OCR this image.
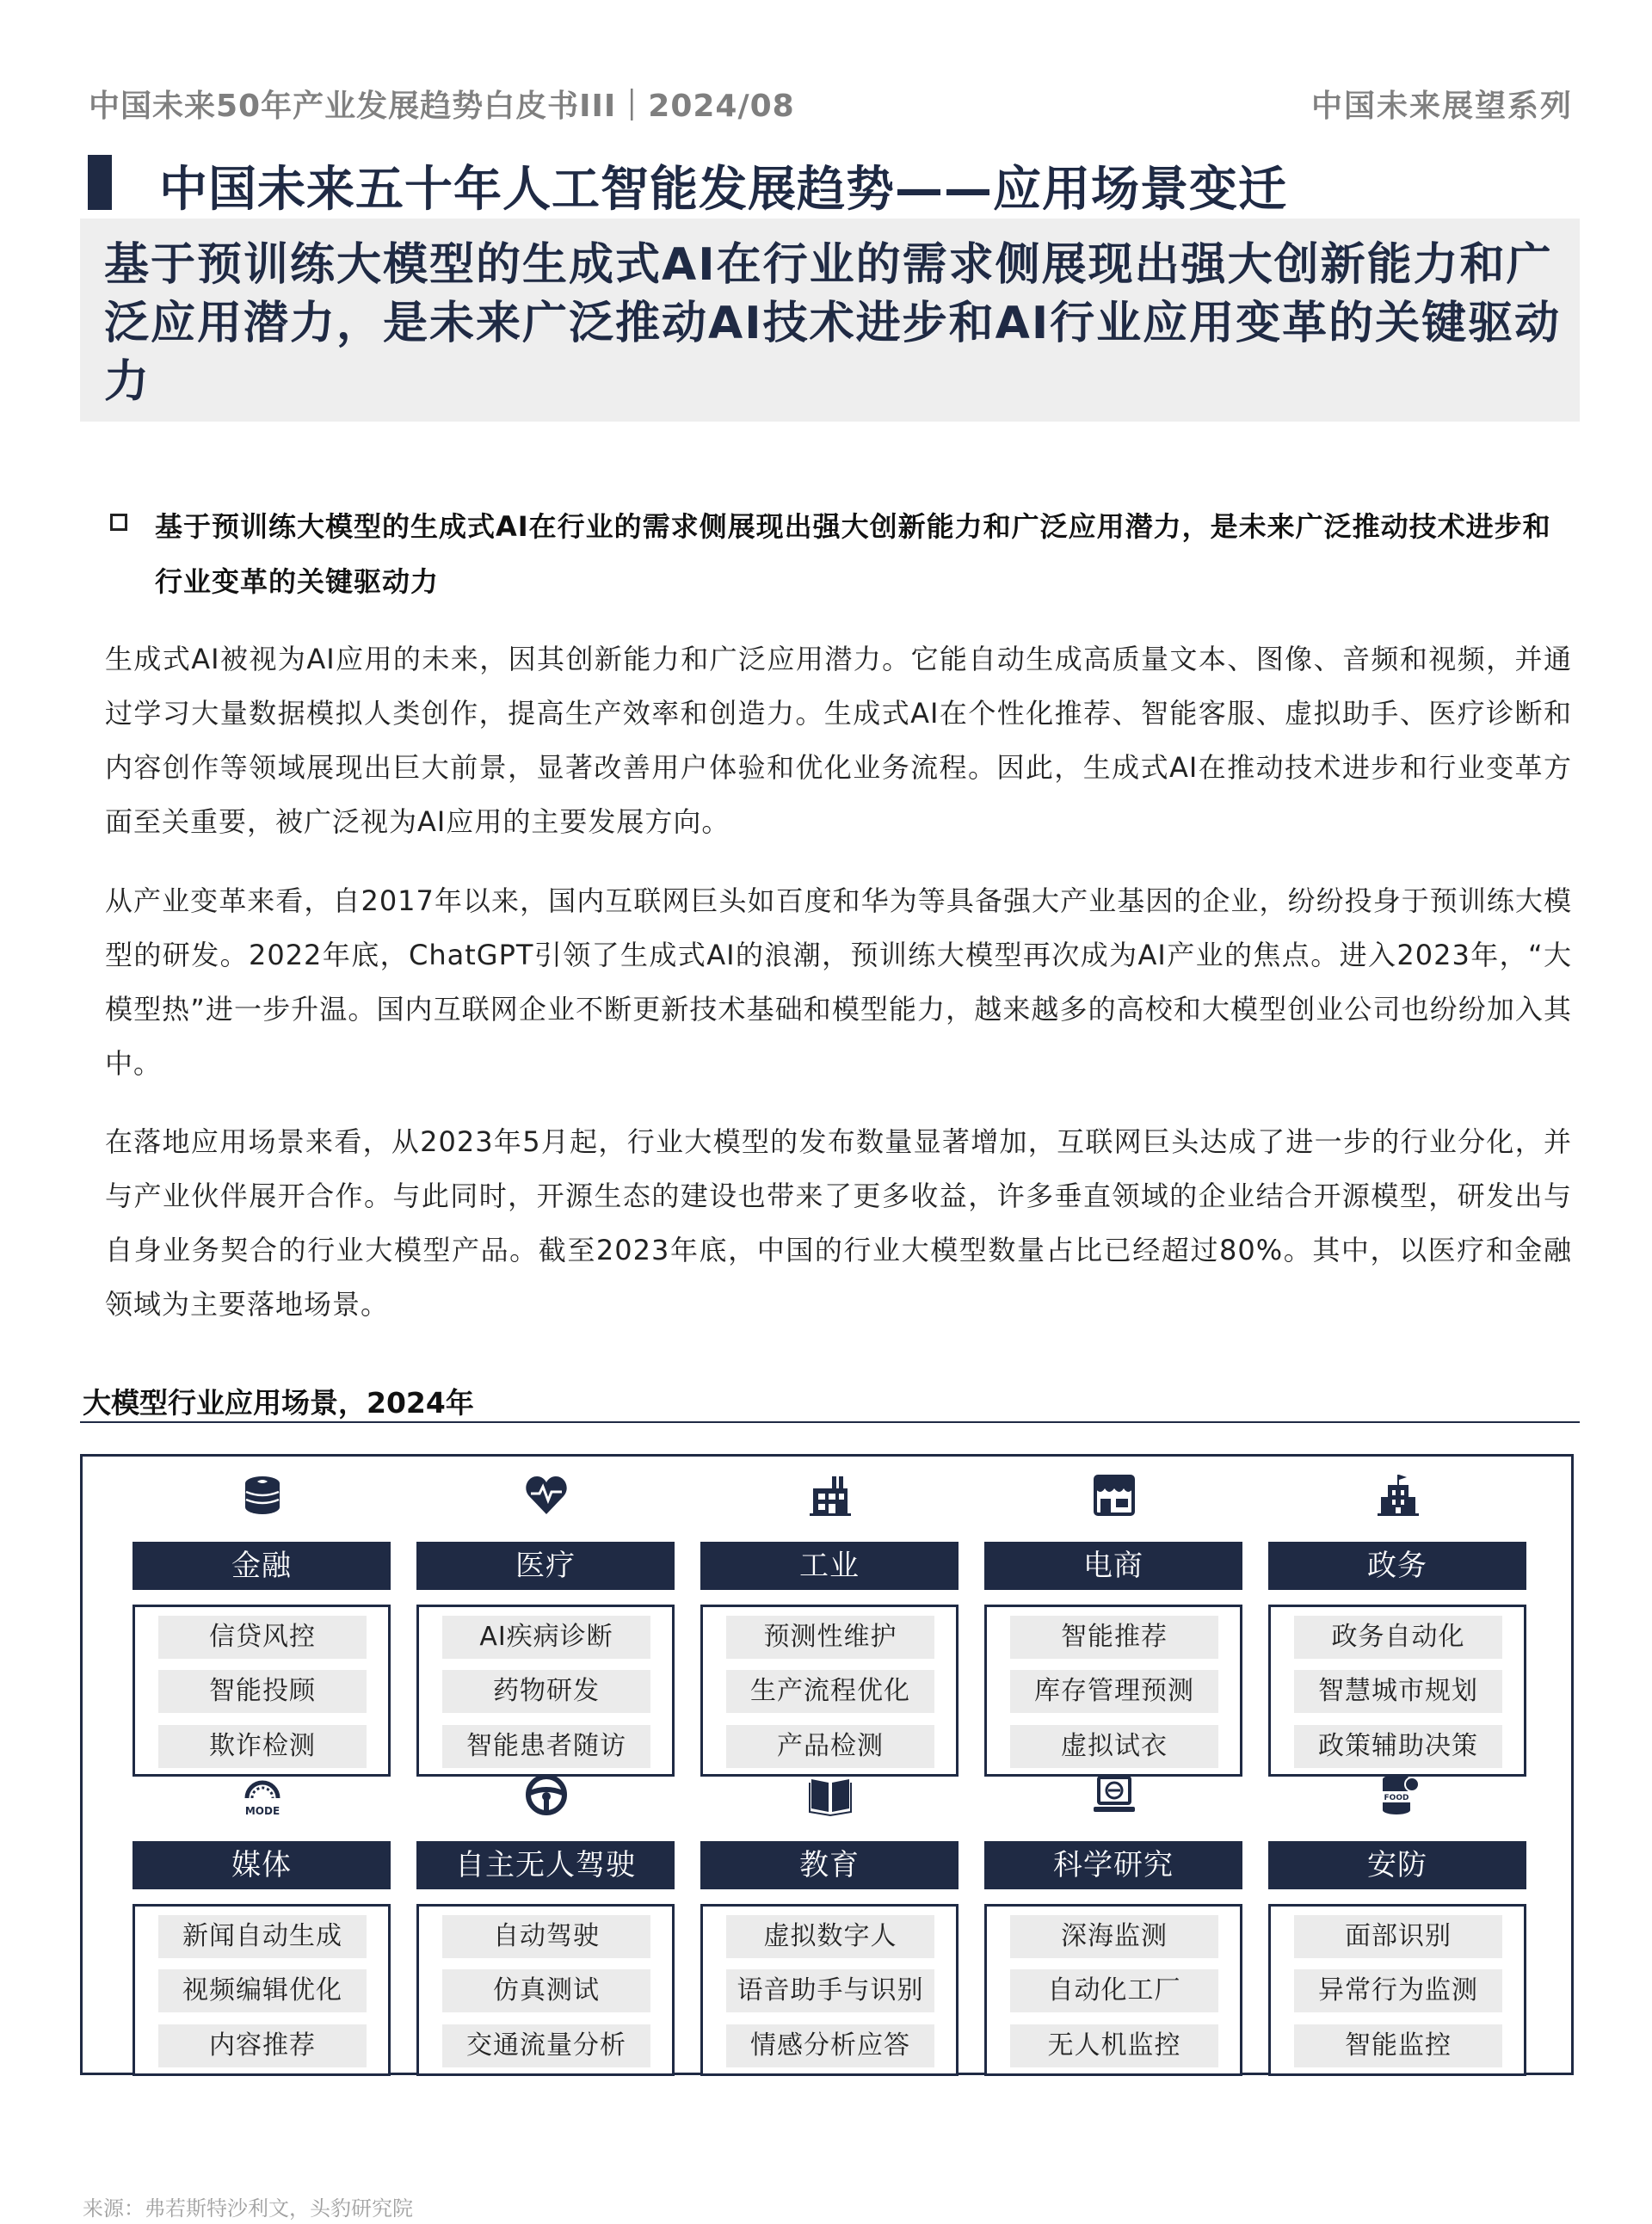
中国未来50年产业发展趋势白皮书III｜2024/08	中国未来展望系列
中国未来五十年人工智能发展趋势——应用场景变迁
基于预训练大模型的生成式AI在行业的需求侧展现出强大创新能力和广泛应用潜力，是未来广泛推动AI技术进步和AI行业应用变革的关键驱动力
基于预训练大模型的生成式AI在行业的需求侧展现出强大创新能力和广泛应用潜力，是未来广泛推动技术进步和行业变革的关键驱动力
生成式AI被视为AI应用的未来，因其创新能力和广泛应用潜力。它能自动生成高质量文本、图像、音频和视频，并通过学习大量数据模拟人类创作，提高生产效率和创造力。生成式AI在个性化推荐、智能客服、虚拟助手、医疗诊断和内容创作等领域展现出巨大前景，显著改善用户体验和优化业务流程。因此，生成式AI在推动技术进步和行业变革方面至关重要，被广泛视为AI应用的主要发展方向。
从产业变革来看，自2017年以来，国内互联网巨头如百度和华为等具备强大产业基因的企业，纷纷投身于预训练大模型的研发。2022年底，ChatGPT引领了生成式AI的浪潮，预训练大模型再次成为AI产业的焦点。进入2023年，“大模型热”进一步升温。国内互联网企业不断更新技术基础和模型能力，越来越多的高校和大模型创业公司也纷纷加入其中。
在落地应用场景来看，从2023年5月起，行业大模型的发布数量显著增加，互联网巨头达成了进一步的行业分化，并与产业伙伴展开合作。与此同时，开源生态的建设也带来了更多收益，许多垂直领域的企业结合开源模型，研发出与自身业务契合的行业大模型产品。截至2023年底，中国的行业大模型数量占比已经超过80%。其中，以医疗和金融领域为主要落地场景。
大模型行业应用场景，2024年
金融
信贷风控
智能投顾
欺诈检测
医疗
AI疾病诊断
药物研发
智能患者随访
工业
预测性维护
生产流程优化
产品检测
电商
智能推荐
库存管理预测
虚拟试衣
政务
政务自动化
智慧城市规划
政策辅助决策
MODE
媒体
新闻自动生成
视频编辑优化
内容推荐
自主无人驾驶
自动驾驶
仿真测试
交通流量分析
教育
虚拟数字人
语音助手与识别
情感分析应答
科学研究
深海监测
自动化工厂
无人机监控
FOOD
安防
面部识别
异常行为监测
智能监控
来源：弗若斯特沙利文，头豹研究院
